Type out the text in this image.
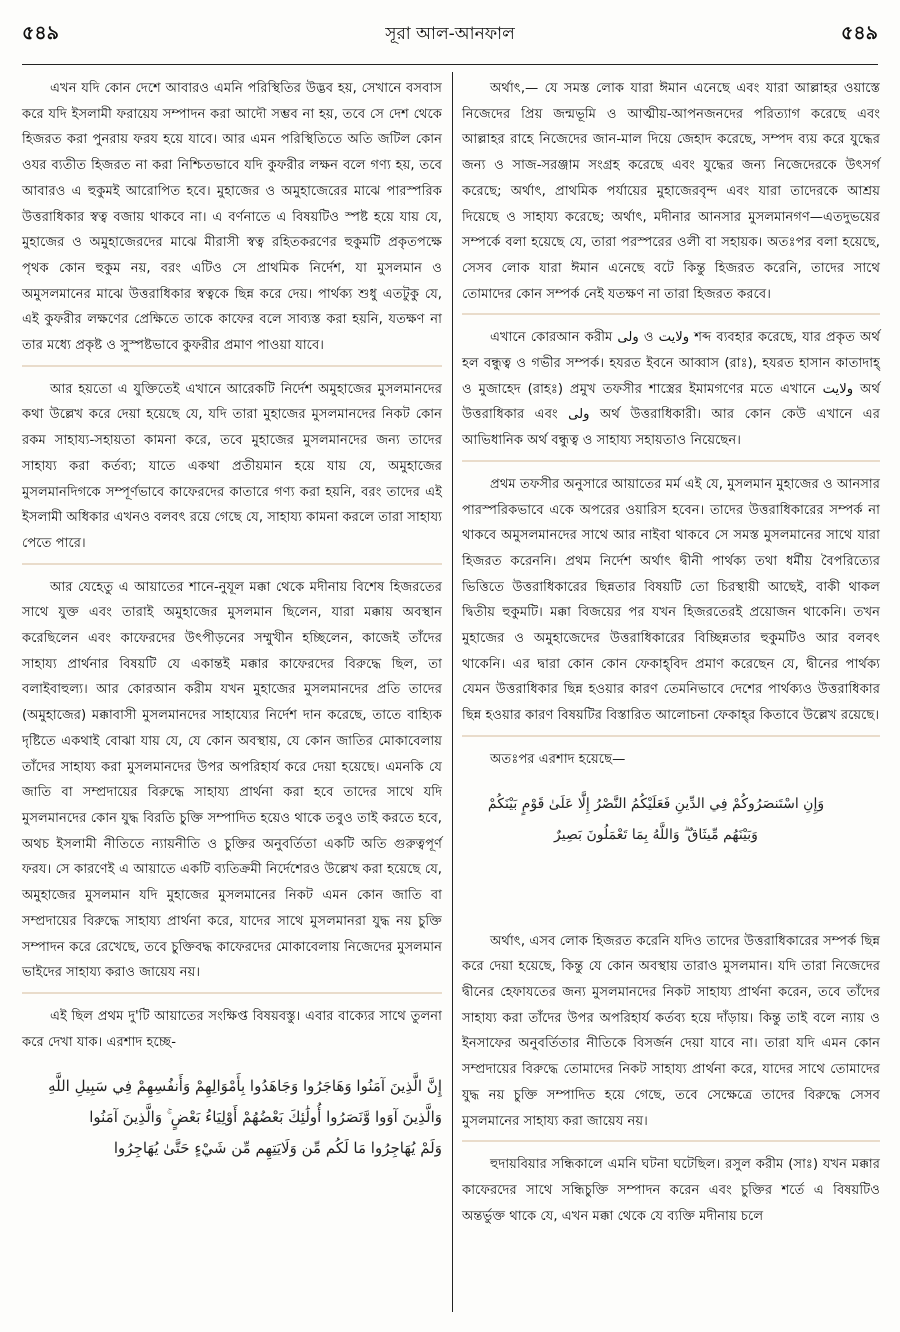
৫৪৯	সূরা আল-আনফাল	৫৪৯

এখন যদি কোন দেশে আবারও এমনি পরিস্থিতির উদ্ভব হয়, সেখানে বসবাস করে যদি ইসলামী ফরায়েয সম্পাদন করা আদৌ সম্ভব না হয়, তবে সে দেশ থেকে হিজরত করা পুনরায় ফরয হয়ে যাবে। আর এমন পরিস্থিতিতে অতি জটিল কোন ওযর ব্যতীত হিজরত না করা নিশ্চিতভাবে যদি কুফরীর লক্ষন বলে গণ্য হয়, তবে আবারও এ হুকুমই আরোপিত হবে। মুহাজের ও অমুহাজেরের মাঝে পারস্পরিক উত্তরাধিকার স্বত্ব বজায় থাকবে না। এ বর্ণনাতে এ বিষয়টিও স্পষ্ট হয়ে যায় যে, মুহাজের ও অমুহাজেরদের মাঝে মীরাসী স্বত্ব রহিতকরণের হুকুমটি প্রকৃতপক্ষে পৃথক কোন হুকুম নয়, বরং এটিও সে প্রাথমিক নির্দেশ, যা মুসলমান ও অমুসলমানের মাঝে উত্তরাধিকার স্বত্বকে ছিন্ন করে দেয়। পার্থক্য শুধু এতটুকু যে, এই কুফরীর লক্ষণের প্রেক্ষিতে তাকে কাফের বলে সাব্যস্ত করা হয়নি, যতক্ষণ না তার মধ্যে প্রকৃষ্ট ও সুস্পষ্টভাবে কুফরীর প্রমাণ পাওয়া যাবে।

আর হয়তো এ যুক্তিতেই এখানে আরেকটি নির্দেশ অমুহাজের মুসলমানদের কথা উল্লেখ করে দেয়া হয়েছে যে, যদি তারা মুহাজের মুসলমানদের নিকট কোন রকম সাহায্য-সহায়তা কামনা করে, তবে মুহাজের মুসলমানদের জন্য তাদের সাহায্য করা কর্তব্য; যাতে একথা প্রতীয়মান হয়ে যায় যে, অমুহাজের মুসলমানদিগকে সম্পূর্ণভাবে কাফেরদের কাতারে গণ্য করা হয়নি, বরং তাদের এই ইসলামী অধিকার এখনও বলবৎ রয়ে গেছে যে, সাহায্য কামনা করলে তারা সাহায্য পেতে পারে।

আর যেহেতু এ আয়াতের শানে-নুযূল মক্কা থেকে মদীনায় বিশেষ হিজরতের সাথে যুক্ত এবং তারাই অমুহাজের মুসলমান ছিলেন, যারা মক্কায় অবস্থান করেছিলেন এবং কাফেরদের উৎপীড়নের সম্মুখীন হচ্ছিলেন, কাজেই তাঁদের সাহায্য প্রার্থনার বিষয়টি যে একান্তই মক্কার কাফেরদের বিরুদ্ধে ছিল, তা বলাইবাহুল্য। আর কোরআন করীম যখন মুহাজের মুসলমানদের প্রতি তাদের (অমুহাজের) মক্কাবাসী মুসলমানদের সাহায্যের নির্দেশ দান করেছে, তাতে বাহ্যিক দৃষ্টিতে একথাই বোঝা যায় যে, যে কোন অবস্থায়, যে কোন জাতির মোকাবেলায় তাঁদের সাহায্য করা মুসলমানদের উপর অপরিহার্য করে দেয়া হয়েছে। এমনকি যে জাতি বা সম্প্রদায়ের বিরুদ্ধে সাহায্য প্রার্থনা করা হবে তাদের সাথে যদি মুসলমানদের কোন যুদ্ধ বিরতি চুক্তি সম্পাদিত হয়েও থাকে তবুও তাই করতে হবে, অথচ ইসলামী নীতিতে ন্যায়নীতি ও চুক্তির অনুবর্তিতা একটি অতি গুরুত্বপূর্ণ ফরয। সে কারণেই এ আয়াতে একটি ব্যতিক্রমী নির্দেশেরও উল্লেখ করা হয়েছে যে, অমুহাজের মুসলমান যদি মুহাজের মুসলমানের নিকট এমন কোন জাতি বা সম্প্রদায়ের বিরুদ্ধে সাহায্য প্রার্থনা করে, যাদের সাথে মুসলমানরা যুদ্ধ নয় চুক্তি সম্পাদন করে রেখেছে, তবে চুক্তিবদ্ধ কাফেরদের মোকাবেলায় নিজেদের মুসলমান ভাইদের সাহায্য করাও জায়েয নয়।

এই ছিল প্রথম দু'টি আয়াতের সংক্ষিপ্ত বিষয়বস্তু। এবার বাক্যের সাথে তুলনা করে দেখা যাক। এরশাদ হচ্ছে-

إِنَّ الَّذِينَ آمَنُوا وَهَاجَرُوا وَجَاهَدُوا بِأَمْوَالِهِمْ وَأَنفُسِهِمْ فِي سَبِيلِ اللَّهِ
وَالَّذِينَ آوَوا وَّنَصَرُوا أُولَٰئِكَ بَعْضُهُمْ أَوْلِيَاءُ بَعْضٍ ۚ وَالَّذِينَ آمَنُوا
وَلَمْ يُهَاجِرُوا مَا لَكُم مِّن وَلَايَتِهِم مِّن شَيْءٍ حَتَّىٰ يُهَاجِرُوا

অর্থাৎ,— যে সমস্ত লোক যারা ঈমান এনেছে এবং যারা আল্লাহর ওয়াস্তে নিজেদের প্রিয় জন্মভূমি ও আত্মীয়-আপনজনদের পরিত্যাগ করেছে এবং আল্লাহর রাহে নিজেদের জান-মাল দিয়ে জেহাদ করেছে, সম্পদ ব্যয় করে যুদ্ধের জন্য ও সাজ-সরঞ্জাম সংগ্রহ করেছে এবং যুদ্ধের জন্য নিজেদেরকে উৎসর্গ করেছে; অর্থাৎ, প্রাথমিক পর্যায়ের মুহাজেরবৃন্দ এবং যারা তাদেরকে আশ্রয় দিয়েছে ও সাহায্য করেছে; অর্থাৎ, মদীনার আনসার মুসলমানগণ—এতদুভয়ের সম্পর্কে বলা হয়েছে যে, তারা পরস্পরের ওলী বা সহায়ক। অতঃপর বলা হয়েছে, সেসব লোক যারা ঈমান এনেছে বটে কিন্তু হিজরত করেনি, তাদের সাথে তোমাদের কোন সম্পর্ক নেই যতক্ষণ না তারা হিজরত করবে।

এখানে কোরআন করীম ولى ও ولايت শব্দ ব্যবহার করেছে, যার প্রকৃত অর্থ হল বন্ধুত্ব ও গভীর সম্পর্ক। হযরত ইবনে আব্বাস (রাঃ), হযরত হাসান কাতাদাহ্ ও মুজাহেদ (রাহঃ) প্রমুখ তফসীর শাস্ত্রের ইমামগণের মতে এখানে ولايت অর্থ উত্তরাধিকার এবং ولى অর্থ উত্তরাধিকারী। আর কোন কেউ এখানে এর আভিধানিক অর্থ বন্ধুত্ব ও সাহায্য সহায়তাও নিয়েছেন।

প্রথম তফসীর অনুসারে আয়াতের মর্ম এই যে, মুসলমান মুহাজের ও আনসার পারস্পরিকভাবে একে অপরের ওয়ারিস হবেন। তাদের উত্তরাধিকারের সম্পর্ক না থাকবে অমুসলমানদের সাথে আর নাইবা থাকবে সে সমস্ত মুসলমানের সাথে যারা হিজরত করেননি। প্রথম নির্দেশ অর্থাৎ দ্বীনী পার্থক্য তথা ধর্মীয় বৈপরিত্যের ভিত্তিতে উত্তরাধিকারের ছিন্নতার বিষয়টি তো চিরস্থায়ী আছেই, বাকী থাকল দ্বিতীয় হুকুমটি। মক্কা বিজয়ের পর যখন হিজরতেরই প্রয়োজন থাকেনি। তখন মুহাজের ও অমুহাজেদের উত্তরাধিকারের বিচ্ছিন্নতার হুকুমটিও আর বলবৎ থাকেনি। এর দ্বারা কোন কোন ফেকাহ্‌বিদ প্রমাণ করেছেন যে, দ্বীনের পার্থক্য যেমন উত্তরাধিকার ছিন্ন হওয়ার কারণ তেমনিভাবে দেশের পার্থক্যও উত্তরাধিকার ছিন্ন হওয়ার কারণ বিষয়টির বিস্তারিত আলোচনা ফেকাহ্‌র কিতাবে উল্লেখ রয়েছে।

অতঃপর এরশাদ হয়েছে—

وَإِنِ اسْتَنصَرُوكُمْ فِي الدِّينِ فَعَلَيْكُمُ النَّصْرُ إِلَّا عَلَىٰ قَوْمٍ بَيْنَكُمْ
وَبَيْنَهُم مِّيثَاقٌ ۗ وَاللَّهُ بِمَا تَعْمَلُونَ بَصِيرٌ

অর্থাৎ, এসব লোক হিজরত করেনি যদিও তাদের উত্তরাধিকারের সম্পর্ক ছিন্ন করে দেয়া হয়েছে, কিন্তু যে কোন অবস্থায় তারাও মুসলমান। যদি তারা নিজেদের দ্বীনের হেফাযতের জন্য মুসলমানদের নিকট সাহায্য প্রার্থনা করেন, তবে তাঁদের সাহায্য করা তাঁদের উপর অপরিহার্য কর্তব্য হয়ে দাঁড়ায়। কিন্তু তাই বলে ন্যায় ও ইনসাফের অনুবর্তিতার নীতিকে বিসর্জন দেয়া যাবে না। তারা যদি এমন কোন সম্প্রদায়ের বিরুদ্ধে তোমাদের নিকট সাহায্য প্রার্থনা করে, যাদের সাথে তোমাদের যুদ্ধ নয় চুক্তি সম্পাদিত হয়ে গেছে, তবে সেক্ষেত্রে তাদের বিরুদ্ধে সেসব মুসলমানের সাহায্য করা জায়েয নয়।

হুদায়বিয়ার সন্ধিকালে এমনি ঘটনা ঘটেছিল। রসুল করীম (সাঃ) যখন মক্কার কাফেরদের সাথে সন্ধিচুক্তি সম্পাদন করেন এবং চুক্তির শর্তে এ বিষয়টিও অন্তর্ভুক্ত থাকে যে, এখন মক্কা থেকে যে ব্যক্তি মদীনায় চলে
